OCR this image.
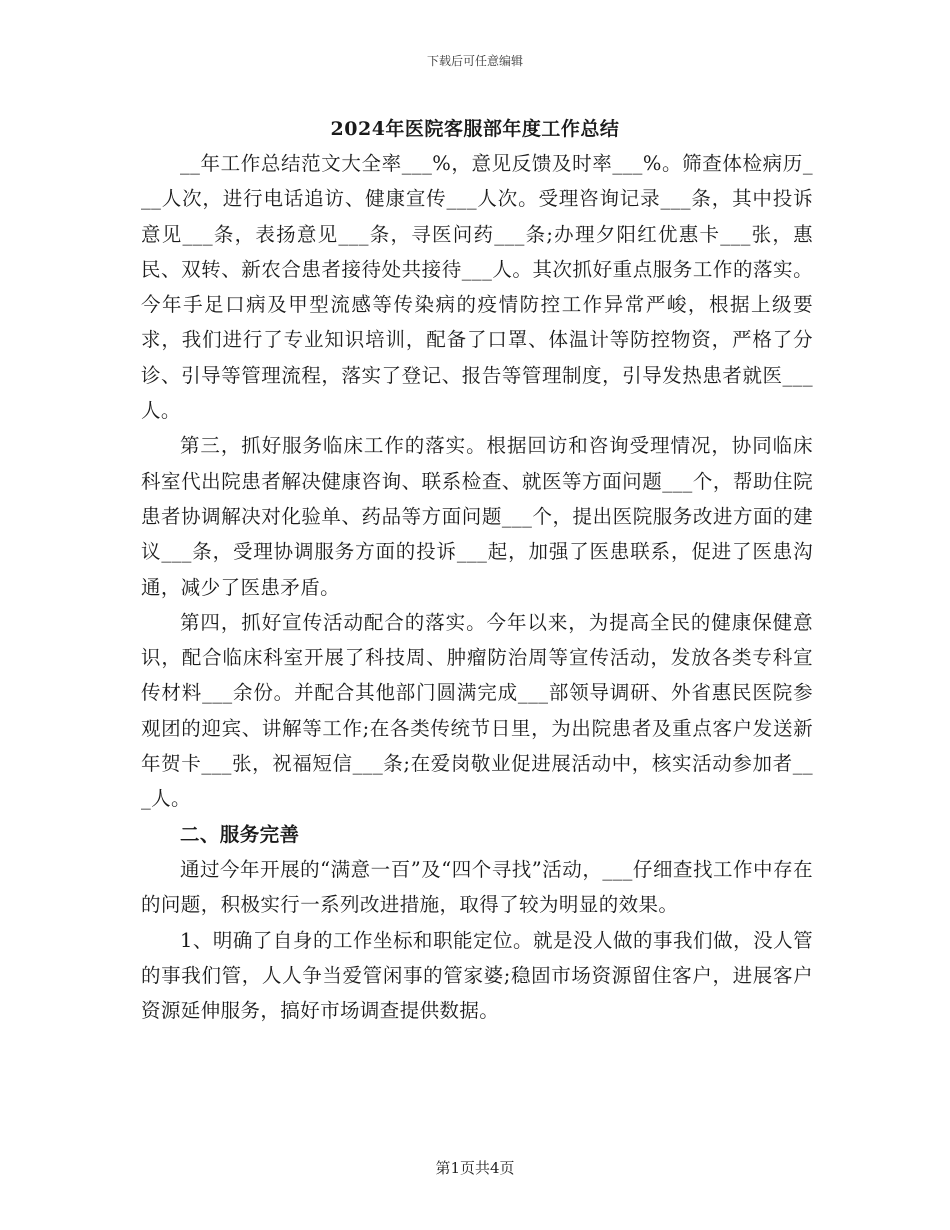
下载后可任意编辑
2024年医院客服部年度工作总结

__年工作总结范文大全率___%，意见反馈及时率___%。筛查体检病历___人次，进行电话追访、健康宣传___人次。受理咨询记录___条，其中投诉意见___条，表扬意见___条，寻医问药___条;办理夕阳红优惠卡___张，惠民、双转、新农合患者接待处共接待___人。其次抓好重点服务工作的落实。今年手足口病及甲型流感等传染病的疫情防控工作异常严峻，根据上级要求，我们进行了专业知识培训，配备了口罩、体温计等防控物资，严格了分诊、引导等管理流程，落实了登记、报告等管理制度，引导发热患者就医___人。

第三，抓好服务临床工作的落实。根据回访和咨询受理情况，协同临床科室代出院患者解决健康咨询、联系检查、就医等方面问题___个，帮助住院患者协调解决对化验单、药品等方面问题___个，提出医院服务改进方面的建议___条，受理协调服务方面的投诉___起，加强了医患联系，促进了医患沟通，减少了医患矛盾。

第四，抓好宣传活动配合的落实。今年以来，为提高全民的健康保健意识，配合临床科室开展了科技周、肿瘤防治周等宣传活动，发放各类专科宣传材料___余份。并配合其他部门圆满完成___部领导调研、外省惠民医院参观团的迎宾、讲解等工作;在各类传统节日里，为出院患者及重点客户发送新年贺卡___张，祝福短信___条;在爱岗敬业促进展活动中，核实活动参加者___人。

二、服务完善

通过今年开展的“满意一百”及“四个寻找”活动，___仔细查找工作中存在的问题，积极实行一系列改进措施，取得了较为明显的效果。

1、明确了自身的工作坐标和职能定位。就是没人做的事我们做，没人管的事我们管，人人争当爱管闲事的管家婆;稳固市场资源留住客户，进展客户资源延伸服务，搞好市场调查提供数据。

第1页共4页
